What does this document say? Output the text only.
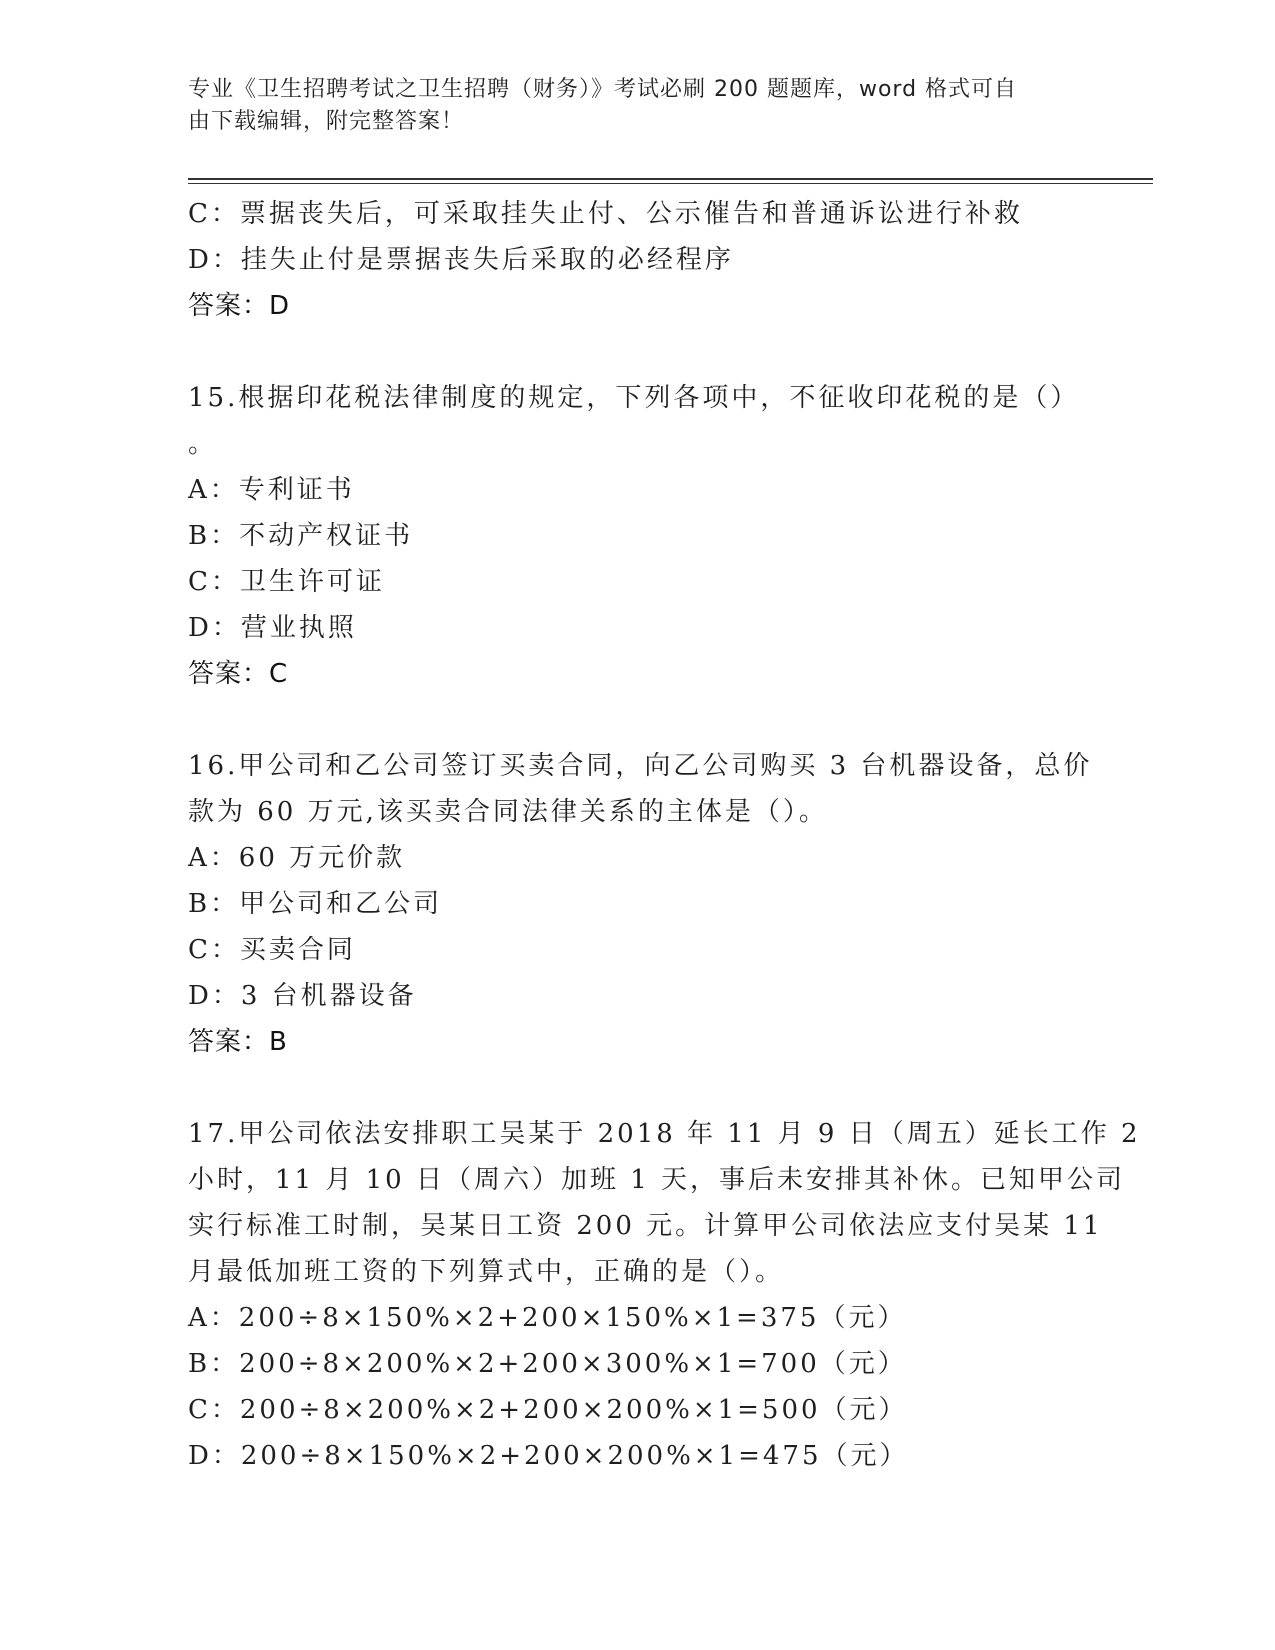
专业《卫生招聘考试之卫生招聘（财务）》考试必刷 200 题题库，word 格式可自
由下载编辑，附完整答案！
C：票据丧失后，可采取挂失止付、公示催告和普通诉讼进行补救
D：挂失止付是票据丧失后采取的必经程序
答案：D
15.根据印花税法律制度的规定，下列各项中，不征收印花税的是（）
。
A：专利证书
B：不动产权证书
C：卫生许可证
D：营业执照
答案：C
16.甲公司和乙公司签订买卖合同，向乙公司购买 3 台机器设备，总价
款为 60 万元,该买卖合同法律关系的主体是（）。
A：60 万元价款
B：甲公司和乙公司
C：买卖合同
D：3 台机器设备
答案：B
17.甲公司依法安排职工吴某于 2018 年 11 月 9 日（周五）延长工作 2
小时，11 月 10 日（周六）加班 1 天，事后未安排其补休。已知甲公司
实行标准工时制，吴某日工资 200 元。计算甲公司依法应支付吴某 11
月最低加班工资的下列算式中，正确的是（）。
A：200÷8×150%×2+200×150%×1=375（元）
B：200÷8×200%×2+200×300%×1=700（元）
C：200÷8×200%×2+200×200%×1=500（元）
D：200÷8×150%×2+200×200%×1=475（元）
